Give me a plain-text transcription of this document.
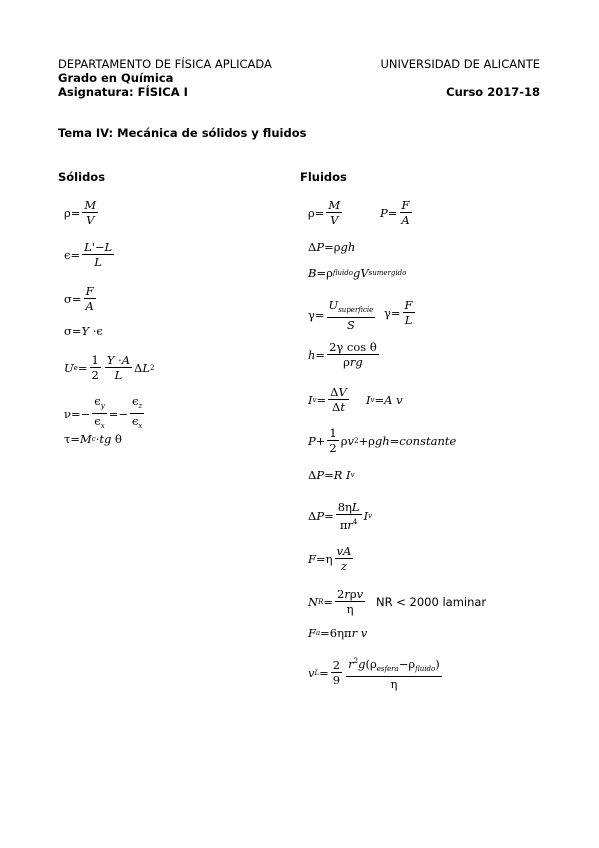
DEPARTAMENTO DE FÍSICA APLICADA	UNIVERSIDAD DE ALICANTE
Grado en Química
Asignatura: FÍSICA I	Curso 2017-18
Tema IV: Mecánica de sólidos y fluidos
Sólidos	Fluidos
$\rho= \frac{M}{V}$
$\epsilon= \frac{L'-L}{L}$
$\sigma= \frac{F}{A}$
σ= Y ·ϵ
U $e = \frac{1}{2} \frac{Y \cdot A}{L}$ Δ L 2
$\nu=- \frac{\epsilon_y}{\epsilon_x} =- \frac{\epsilon_z}{\epsilon_x}$
τ= M c · tg θ
$\rho= \frac{M}{V}$	$P = \frac{F}{A}$
Δ P =ρ g h
B =ρ fluido g V sumergido
$\gamma= \frac{U_{superficie}}{S} \gamma= \frac{F}{L}$
$h = \frac{\text{2γ cos θ}}{\text{ρrg}}$
I $v = \frac{\Delta V}{\Delta t}$ I v = A
v
$P + \frac{1}{2}$ ρ v 2 +ρ g h = constante
Δ P = R
I v
Δ $P = \frac{8\eta L}{\pi r^4}$ I v
$F =\eta \frac{vA}{z}$
N $R = \frac{\text{2rρv}}{\eta}$ NR < 2000 laminar
F a =6ηπ r
v
v $L = \frac{2}{9} \frac{r^2g(\rho_{esfera}-\rho_{fluido})}{\eta}$
